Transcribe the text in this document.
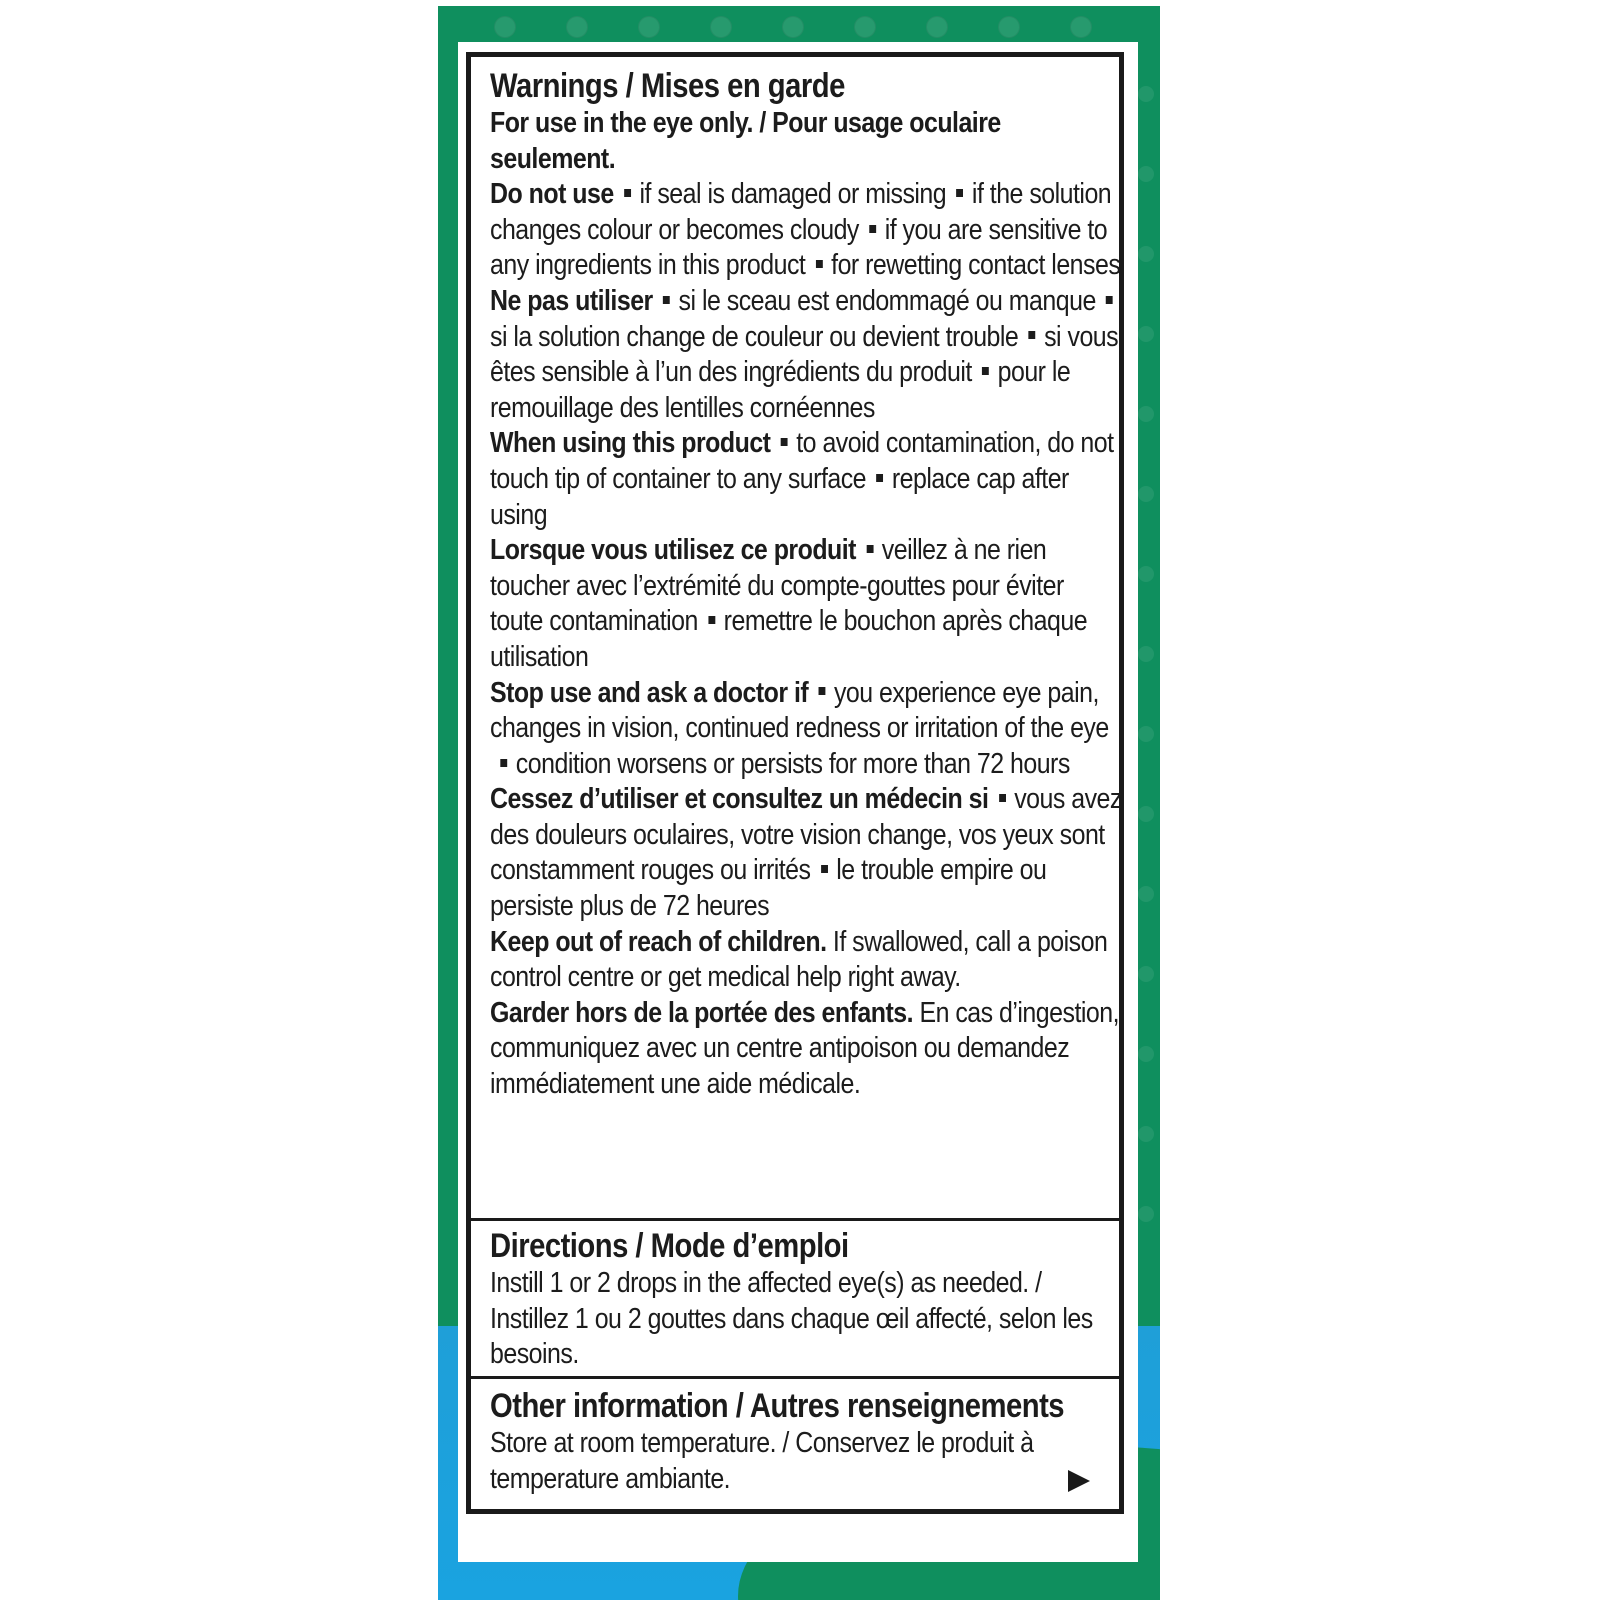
Warnings / Mises en garde

For use in the eye only. / Pour usage oculaire seulement.

Do not use if seal is damaged or missing if the solution changes colour or becomes cloudy if you are sensitive to any ingredients in this product for rewetting contact lenses

Ne pas utiliser si le sceau est endommagé ou manquesi la solution change de couleur ou devient trouble si vous êtes sensible à l’un des ingrédients du produit pour le remouillage des lentilles cornéennes

When using this product to avoid contamination, do not touch tip of container to any surface replace cap after using

Lorsque vous utilisez ce produit veillez à ne rien toucher avec l’extrémité du compte-gouttes pour éviter toute contamination remettre le bouchon après chaque utilisation

Stop use and ask a doctor if you experience eye pain, changes in vision, continued redness or irritation of the eyecondition worsens or persists for more than 72 hours

Cessez d’utiliser et consultez un médecin si vous avez des douleurs oculaires, votre vision change, vos yeux sont constamment rouges ou irrités le trouble empire ou persiste plus de 72 heures

Keep out of reach of children. If swallowed, call a poison control centre or get medical help right away.

Garder hors de la portée des enfants. En cas d’ingestion, communiquez avec un centre antipoison ou demandez immédiatement une aide médicale.

Directions / Mode d’emploi

Instill 1 or 2 drops in the affected eye(s) as needed. / Instillez 1 ou 2 gouttes dans chaque œil affecté, selon les besoins.

Other information / Autres renseignements

Store at room temperature. / Conservez le produit à temperature ambiante.
